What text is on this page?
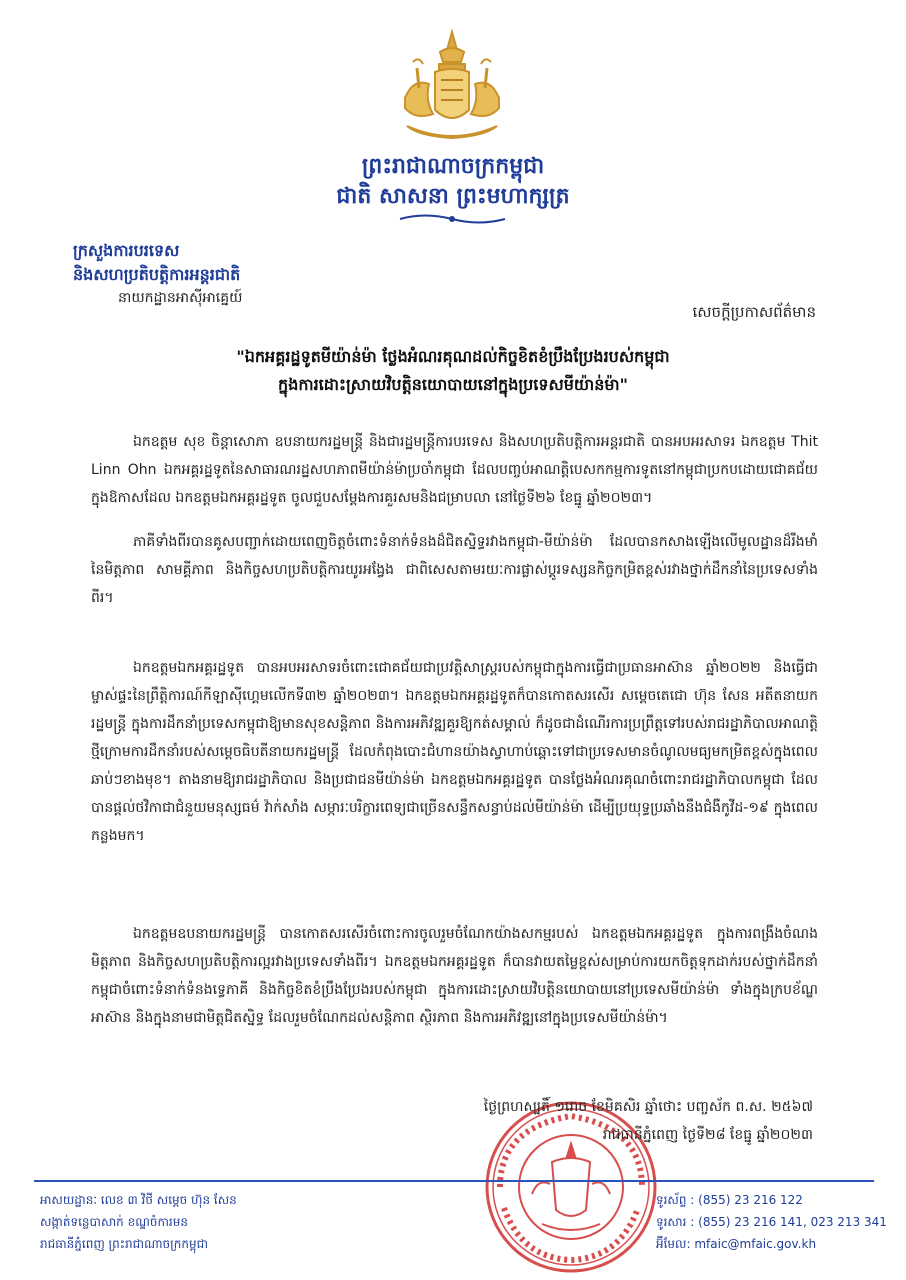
ព្រះរាជាណាចក្រកម្ពុជា
ជាតិ សាសនា ព្រះមហាក្សត្រ
ក្រសួងការបរទេស
និងសហប្រតិបត្តិការអន្តរជាតិ
នាយកដ្ឋានអាស៊ីអាគ្នេយ៍
សេចក្តីប្រកាសព័ត៌មាន
"ឯកអគ្គរដ្ឋទូតមីយ៉ាន់ម៉ា ថ្លែងអំណរគុណដល់កិច្ចខិតខំប្រឹងប្រែងរបស់កម្ពុជា
ក្នុងការដោះស្រាយវិបត្តិនយោបាយនៅក្នុងប្រទេសមីយ៉ាន់ម៉ា"

ឯកឧត្តម សុខ ចិន្តាសោភា ឧបនាយករដ្ឋមន្ត្រី និងជារដ្ឋមន្ត្រីការបរទេស និងសហប្រតិបត្តិការអន្តរជាតិ បានអបអរសាទរ ឯកឧត្តម Thit Linn Ohn ឯកអគ្គរដ្ឋទូតនៃសាធារណរដ្ឋសហភាពមីយ៉ាន់ម៉ាប្រចាំកម្ពុជា ដែលបញ្ចប់អាណត្តិបេសកកម្មការទូតនៅកម្ពុជាប្រកបដោយជោគជ័យ ក្នុងឱកាសដែល ឯកឧត្តមឯកអគ្គរដ្ឋទូត ចូលជួបសម្តែងការគួរសមនិងជម្រាបលា នៅថ្ងៃទី២៦ ខែធ្នូ ឆ្នាំ២០២៣។

ភាគីទាំងពីរបានគូសបញ្ជាក់ដោយពេញចិត្តចំពោះទំនាក់ទំនងដ៏ជិតស្និទ្ធរវាងកម្ពុជា-មីយ៉ាន់ម៉ា ដែលបានកសាងឡើងលើមូលដ្ឋានដ៏រឹងមាំនៃមិត្តភាព សាមគ្គីភាព និងកិច្ចសហប្រតិបត្តិការយូរអង្វែង ជាពិសេសតាមរយៈការផ្លាស់ប្តូរទស្សនកិច្ចកម្រិតខ្ពស់រវាងថ្នាក់ដឹកនាំនៃប្រទេសទាំងពីរ។

ឯកឧត្តមឯកអគ្គរដ្ឋទូត បានអបអរសាទរចំពោះជោគជ័យជាប្រវត្តិសាស្ត្ររបស់កម្ពុជាក្នុងការធ្វើជាប្រធានអាស៊ាន ឆ្នាំ២០២២ និងធ្វើជាម្ចាស់ផ្ទះនៃព្រឹត្តិការណ៍កីឡាស៊ីហ្គេមលើកទី៣២ ឆ្នាំ២០២៣។ ឯកឧត្តមឯកអគ្គរដ្ឋទូតក៏បានកោតសរសើរ សម្តេចតេជោ ហ៊ុន សែន អតីតនាយករដ្ឋមន្ត្រី ក្នុងការដឹកនាំប្រទេសកម្ពុជាឱ្យមានសុខសន្តិភាព និងការអភិវឌ្ឍគួរឱ្យកត់សម្គាល់ ក៏ដូចជាដំណើរការប្រព្រឹត្តទៅរបស់រាជរដ្ឋាភិបាលអាណត្តិថ្មីក្រោមការដឹកនាំរបស់សម្តេចធិបតីនាយករដ្ឋមន្ត្រី ដែលកំពុងបោះជំហានយ៉ាងស្វាហាប់ឆ្ពោះទៅជាប្រទេសមានចំណូលមធ្យមកម្រិតខ្ពស់ក្នុងពេលឆាប់ៗខាងមុខ។ តាងនាមឱ្យរាជរដ្ឋាភិបាល និងប្រជាជនមីយ៉ាន់ម៉ា ឯកឧត្តមឯកអគ្គរដ្ឋទូត បានថ្លែងអំណរគុណចំពោះរាជរដ្ឋាភិបាលកម្ពុជា ដែលបានផ្តល់ថវិកាជាជំនួយមនុស្សធម៌ វ៉ាក់សាំង សម្ភារៈបរិក្ខារពេទ្យជាច្រើនសន្ធឹកសន្ធាប់ដល់មីយ៉ាន់ម៉ា ដើម្បីប្រយុទ្ធប្រឆាំងនឹងជំងឺកូវីដ-១៩ ក្នុងពេលកន្លងមក។

ឯកឧត្តមឧបនាយករដ្ឋមន្ត្រី បានកោតសរសើរចំពោះការចូលរួមចំណែកយ៉ាងសកម្មរបស់ ឯកឧត្តមឯកអគ្គរដ្ឋទូត ក្នុងការពង្រឹងចំណងមិត្តភាព និងកិច្ចសហប្រតិបត្តិការល្អរវាងប្រទេសទាំងពីរ។ ឯកឧត្តមឯកអគ្គរដ្ឋទូត ក៏បានវាយតម្លៃខ្ពស់សម្រាប់ការយកចិត្តទុកដាក់របស់ថ្នាក់ដឹកនាំកម្ពុជាចំពោះទំនាក់ទំនងទ្វេភាគី និងកិច្ចខិតខំប្រឹងប្រែងរបស់កម្ពុជា ក្នុងការដោះស្រាយវិបត្តិនយោបាយនៅប្រទេសមីយ៉ាន់ម៉ា ទាំងក្នុងក្របខ័ណ្ឌអាស៊ាន និងក្នុងនាមជាមិត្តជិតស្និទ្ធ ដែលរួមចំណែកដល់សន្តិភាព ស្ថិរភាព និងការអភិវឌ្ឍនៅក្នុងប្រទេសមីយ៉ាន់ម៉ា។

ថ្ងៃព្រហស្បតិ៍ ១រោច ខែមិគសិរ ឆ្នាំថោះ បញ្ចស័ក ព.ស. ២៥៦៧
រាជធានីភ្នំពេញ ថ្ងៃទី២៨ ខែធ្នូ ឆ្នាំ២០២៣
អាសយដ្ឋានៈ លេខ ៣ វិថី សម្តេច ហ៊ុន សែន
សង្កាត់ទន្លេបាសាក់ ខណ្ឌចំការមន
រាជធានីភ្នំពេញ ព្រះរាជាណាចក្រកម្ពុជា
ទូរស័ព្ទ : (855) 23 216 122
ទូរសារ : (855) 23 216 141, 023 213 341
អ៊ីមែល: mfaic@mfaic.gov.kh
